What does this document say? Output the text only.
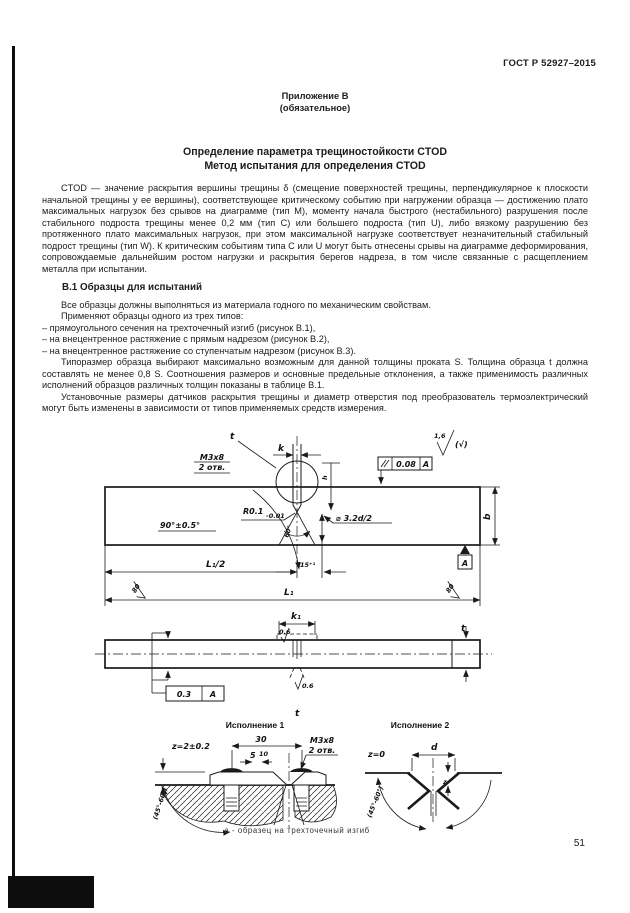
ГОСТ Р 52927–2015
Приложение В
(обязательное)
Определение параметра трещиностойкости CTOD
Метод испытания для определения CTOD

CTOD — значение раскрытия вершины трещины δ (смещение поверхностей трещины, перпендикулярное к плоскости начальной трещины у ее вершины), соответствующее критическому событию при нагружении образца — достижению плато максимальных нагрузок без срывов на диаграмме (тип М), моменту начала быстрого (нестабильного) разрушения после стабильного подроста трещины менее 0,2 мм (тип С) или большего подроста (тип U), либо вязкому разрушению без протяженного плато максимальных нагрузок, при этом максимальной нагрузке соответствует незначительный стабильный подрост трещины (тип W). К критическим событиям типа С или U могут быть отнесены срывы на диаграмме деформирования, сопровождаемые дальнейшим ростом нагрузки и раскрытия берегов надреза, в том числе связанные с расщеплением металла при испытании.

В.1 Образцы для испытаний

Все образцы должны выполняться из материала годного по механическим свойствам.

Применяют образцы одного из трех типов:

– прямоугольного сечения на трехточечный изгиб (рисунок В.1),

– на внецентренное растяжение с прямым надрезом (рисунок В.2),

– на внецентренное растяжение со ступенчатым надрезом (рисунок В.3).

Типоразмер образца выбирают максимально возможным для данной толщины проката S. Толщина образца t должна составлять не менее 0,8 S. Соотношения размеров и основные предельные отклонения, а также применимость различных исполнений образцов различных толщин показаны в таблице В.1.

Установочные размеры датчиков раскрытия трещины и диаметр отверстия под преобразователь термоэлектрический могут быть изменены в зависимости от типов применяемых средств измерения.

k
t
М3х8
2 отв.
h
0.08 А
1,6
(√)
b
А
90°±0.5°
R0.1 -0.01
60°
⌀ 3.2d/2
L₁/2	15⁺¹
L₁
80	80
k₁
0.6
0.6
t
0.3 А
t
Исполнение 1
z=2±0.2
30
5 10
М3х8
2 отв.
(45°-60°)
Исполнение 2
z=0
d
z
(45°-60°)
а - образец на трехточечный изгиб
51
